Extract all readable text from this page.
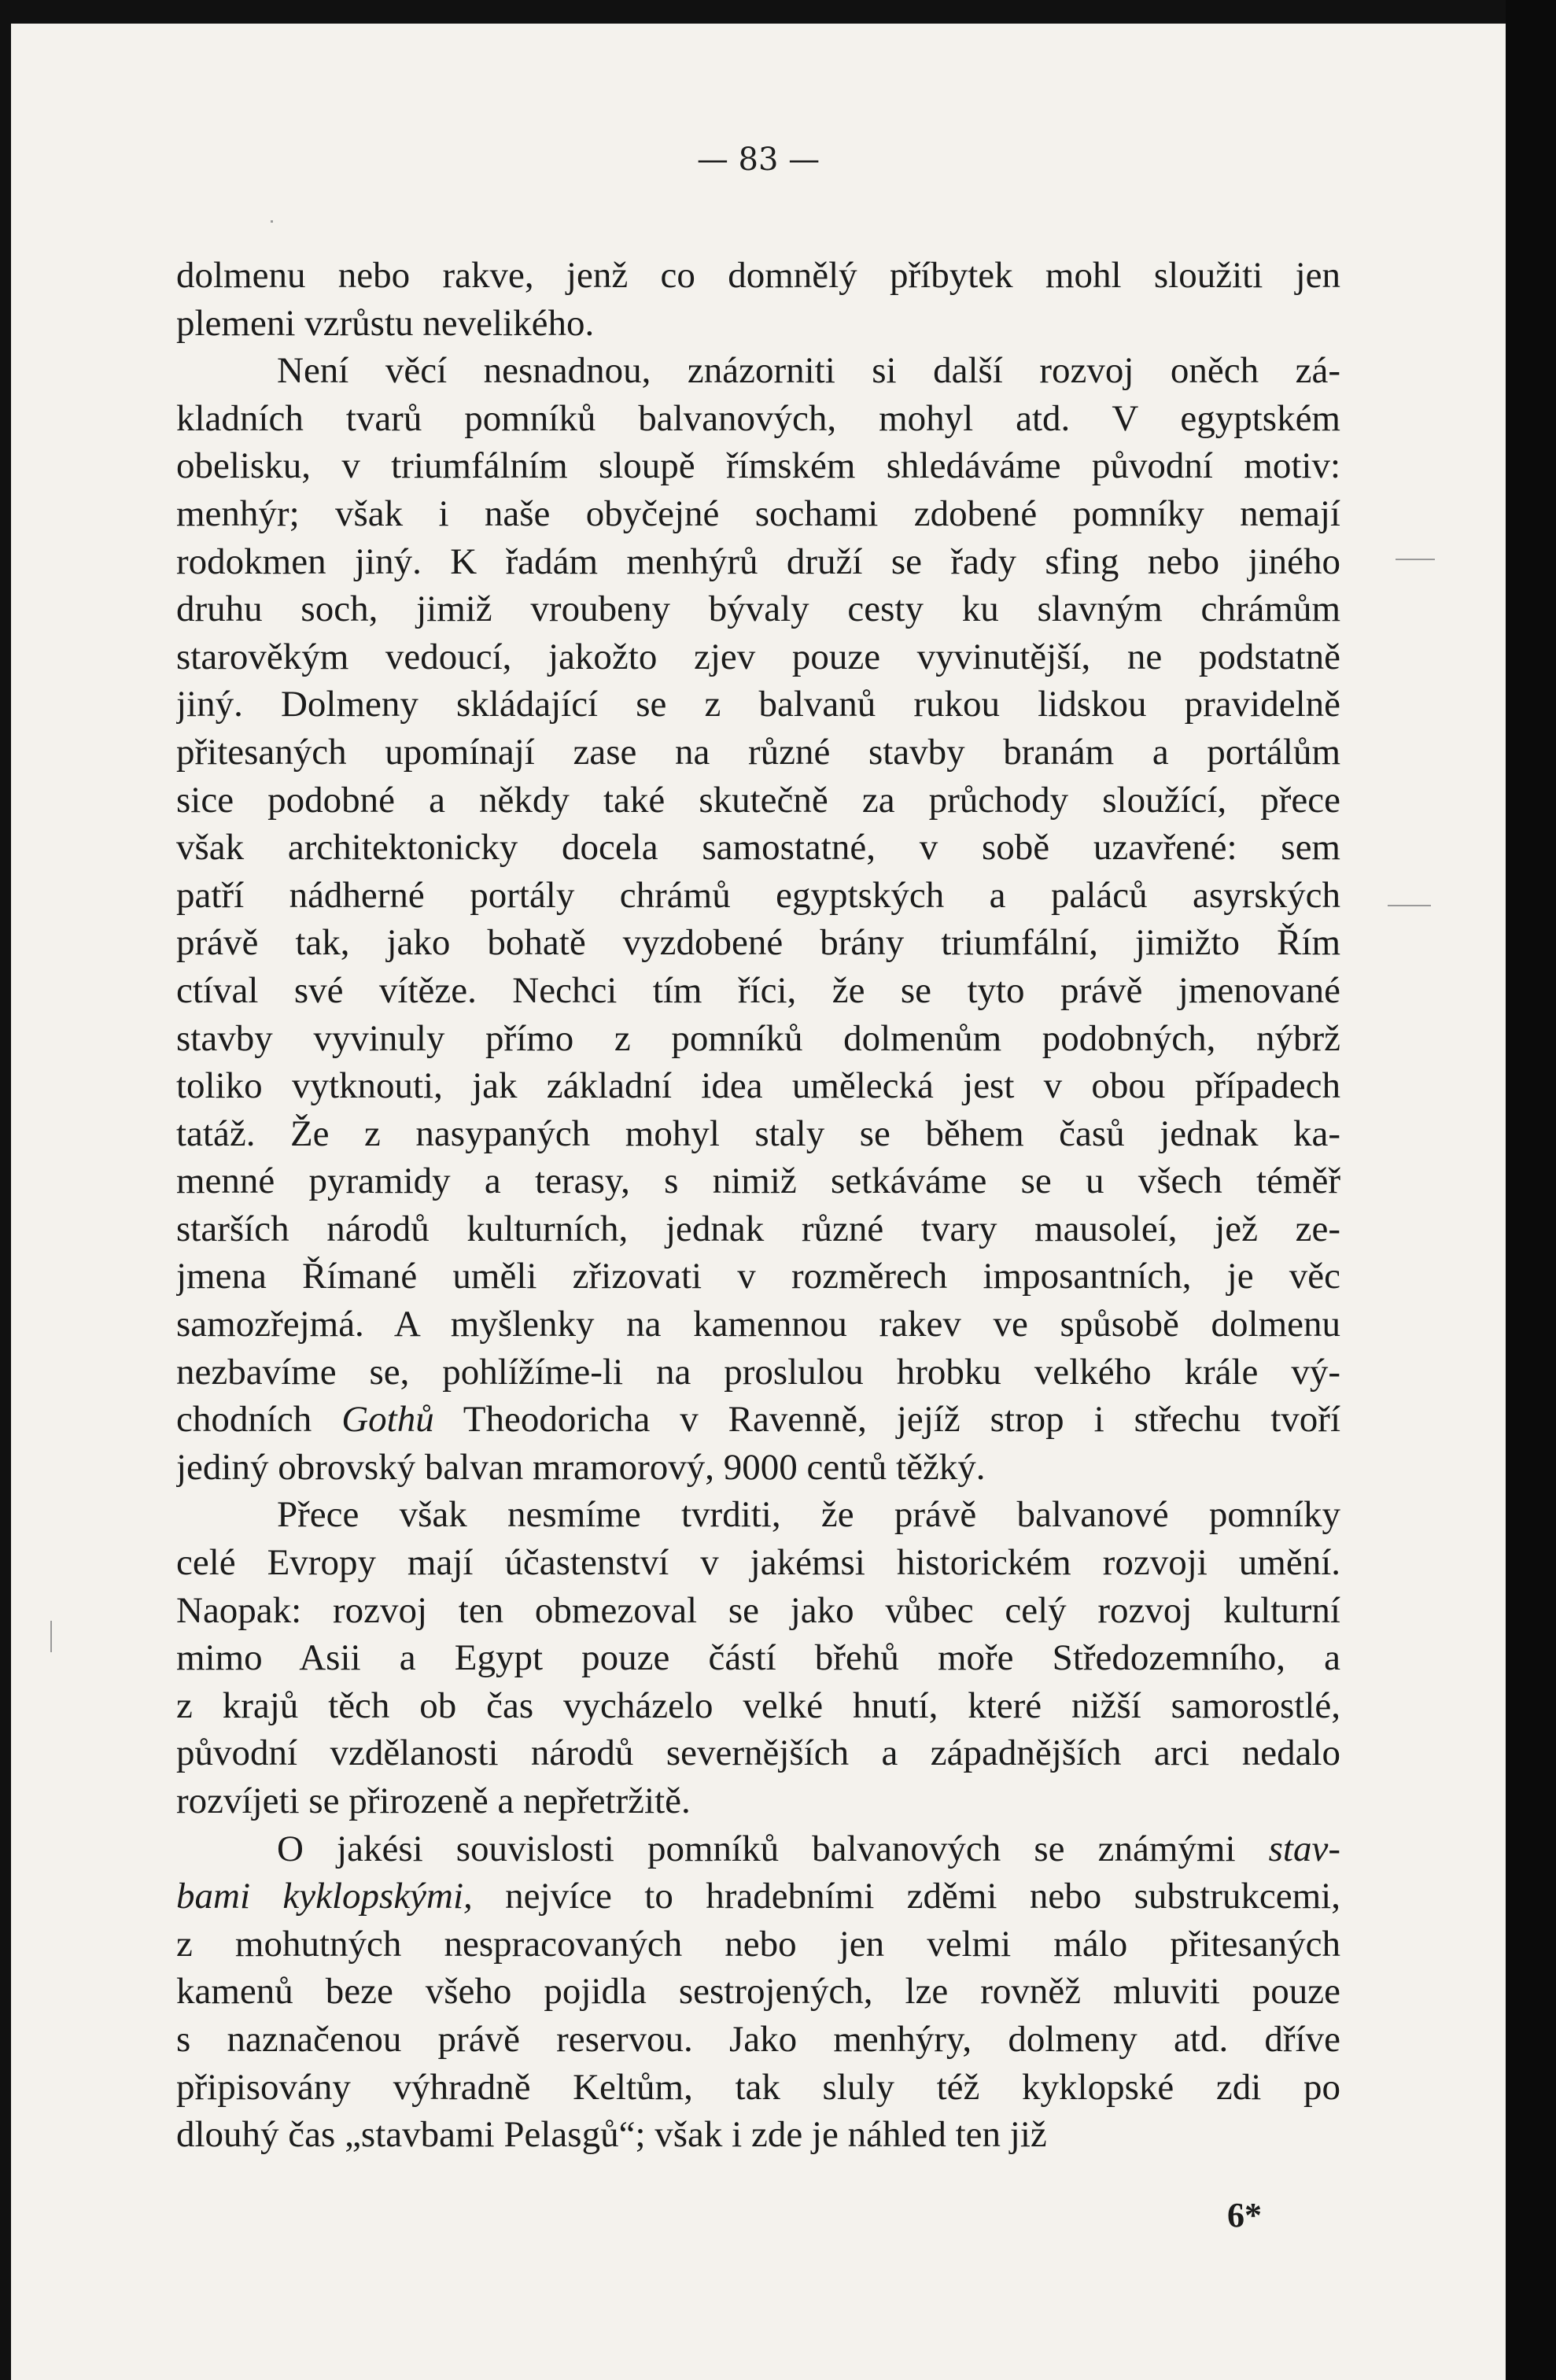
— 83 —
dolmenu nebo rakve, jenž co domnělý příbytek mohl sloužiti jen
plemeni vzrůstu nevelikého.
Není věcí nesnadnou, znázorniti si další rozvoj oněch zá-
kladních tvarů pomníků balvanových, mohyl atd. V egyptském
obelisku, v triumfálním sloupě římském shledáváme původní motiv:
menhýr; však i naše obyčejné sochami zdobené pomníky nemají
rodokmen jiný. K řadám menhýrů druží se řady sfing nebo jiného
druhu soch, jimiž vroubeny bývaly cesty ku slavným chrámům
starověkým vedoucí, jakožto zjev pouze vyvinutější, ne podstatně
jiný. Dolmeny skládající se z balvanů rukou lidskou pravidelně
přitesaných upomínají zase na různé stavby branám a portálům
sice podobné a někdy také skutečně za průchody sloužící, přece
však architektonicky docela samostatné, v sobě uzavřené: sem
patří nádherné portály chrámů egyptských a paláců asyrských
právě tak, jako bohatě vyzdobené brány triumfální, jimižto Řím
ctíval své vítěze. Nechci tím říci, že se tyto právě jmenované
stavby vyvinuly přímo z pomníků dolmenům podobných, nýbrž
toliko vytknouti, jak základní idea umělecká jest v obou případech
tatáž. Že z nasypaných mohyl staly se během časů jednak ka-
menné pyramidy a terasy, s nimiž setkáváme se u všech téměř
starších národů kulturních, jednak různé tvary mausoleí, jež ze-
jmena Římané uměli zřizovati v rozměrech imposantních, je věc
samozřejmá. A myšlenky na kamennou rakev ve spůsobě dolmenu
nezbavíme se, pohlížíme-li na proslulou hrobku velkého krále vý-
chodních Gothů Theodoricha v Ravenně, jejíž strop i střechu tvoří
jediný obrovský balvan mramorový, 9000 centů těžký.
Přece však nesmíme tvrditi, že právě balvanové pomníky
celé Evropy mají účastenství v jakémsi historickém rozvoji umění.
Naopak: rozvoj ten obmezoval se jako vůbec celý rozvoj kulturní
mimo Asii a Egypt pouze částí břehů moře Středozemního, a
z krajů těch ob čas vycházelo velké hnutí, které nižší samorostlé,
původní vzdělanosti národů severnějších a západnějších arci nedalo
rozvíjeti se přirozeně a nepřetržitě.
O jakési souvislosti pomníků balvanových se známými stav-
bami kyklopskými, nejvíce to hradebními zděmi nebo substrukcemi,
z mohutných nespracovaných nebo jen velmi málo přitesaných
kamenů beze všeho pojidla sestrojených, lze rovněž mluviti pouze
s naznačenou právě reservou. Jako menhýry, dolmeny atd. dříve
připisovány výhradně Keltům, tak sluly též kyklopské zdi po
dlouhý čas „stavbami Pelasgů“; však i zde je náhled ten již
6*
